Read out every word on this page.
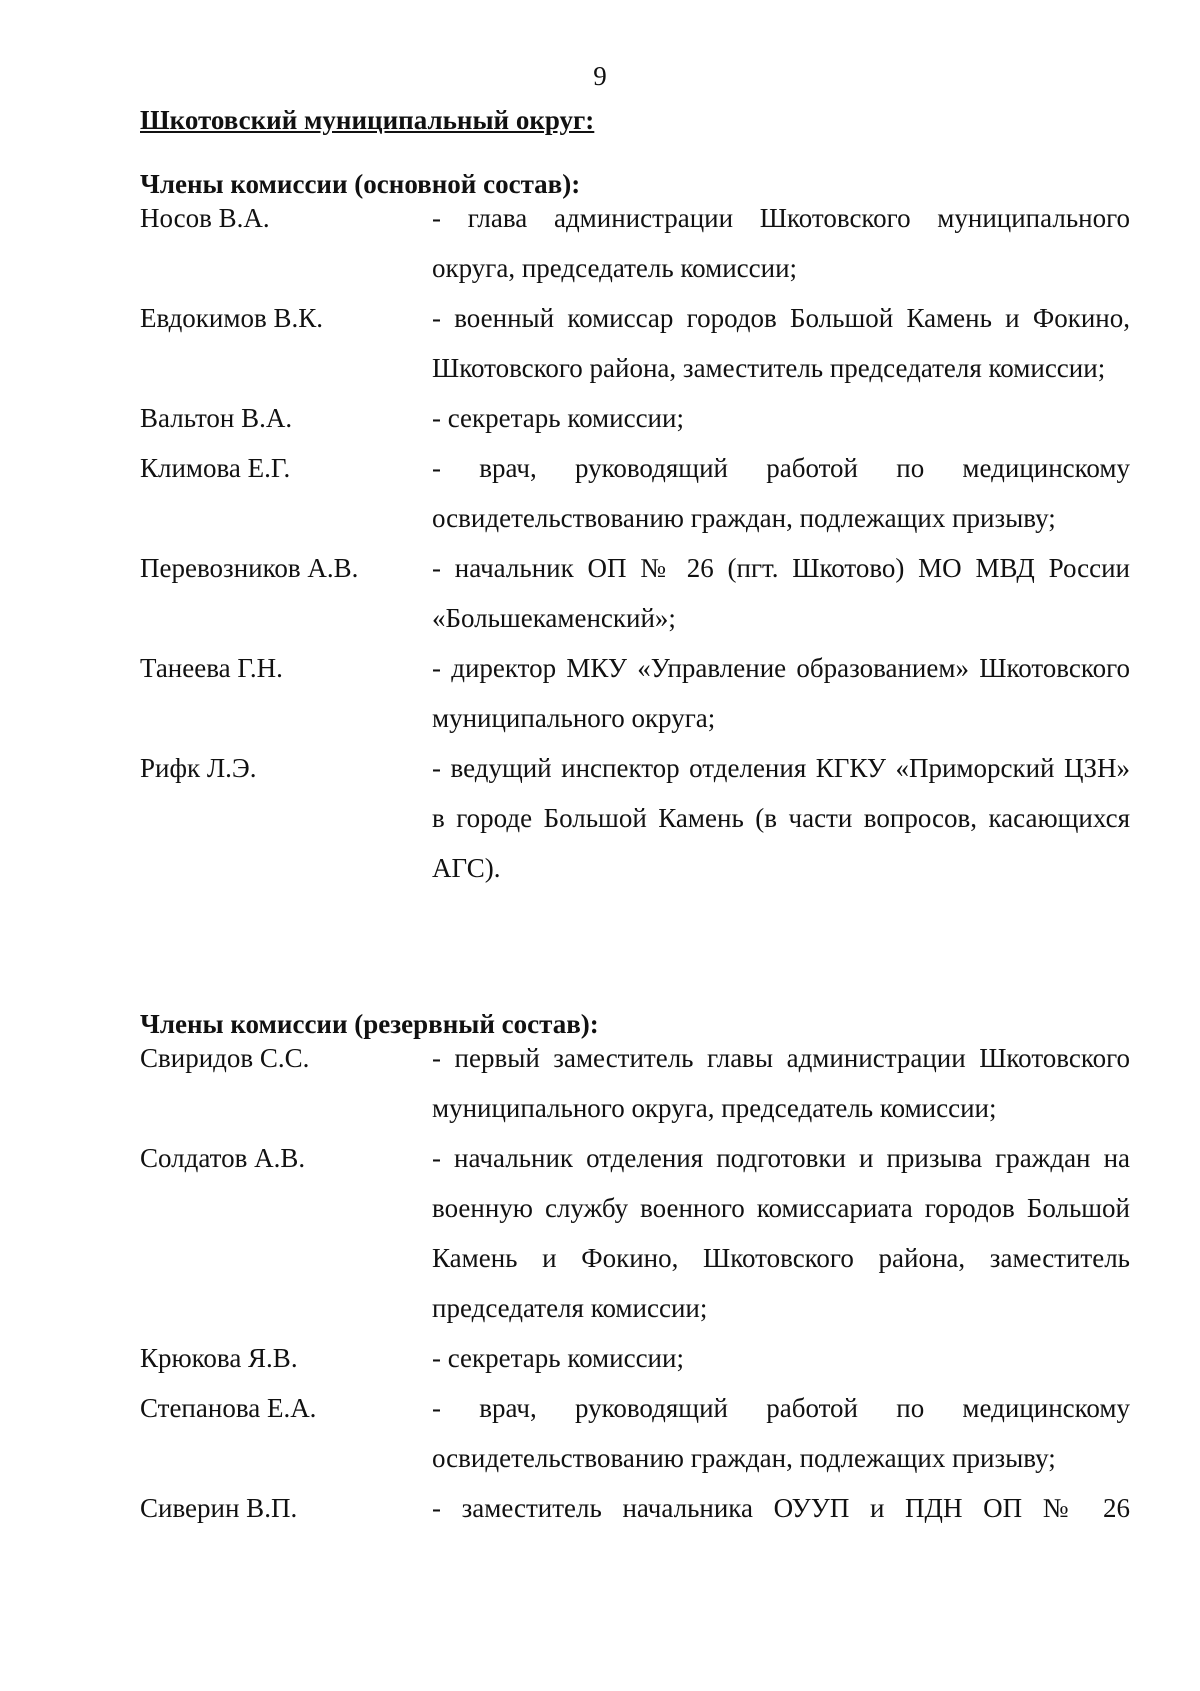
9
Шкотовский муниципальный округ:
Члены комиссии (основной состав):
Носов В.А.	- глава администрации Шкотовского муниципального округа, председатель комиссии;
Евдокимов В.К.	- военный комиссар городов Большой Камень и Фокино, Шкотовского района, заместитель председателя комиссии;
Вальтон В.А.	- секретарь комиссии;
Климова Е.Г.	- врач, руководящий работой по медицинскому освидетельствованию граждан, подлежащих призыву;
Перевозников А.В.	- начальник ОП № 26 (пгт. Шкотово) МО МВД России «Большекаменский»;
Танеева Г.Н.	- директор МКУ «Управление образованием» Шкотовского муниципального округа;
Рифк Л.Э.	- ведущий инспектор отделения КГКУ «Приморский ЦЗН» в городе Большой Камень (в части вопросов, касающихся АГС).
Члены комиссии (резервный состав):
Свиридов С.С.	- первый заместитель главы администрации Шкотовского муниципального округа, председатель комиссии;
Солдатов А.В.	- начальник отделения подготовки и призыва граждан на военную службу военного комиссариата городов Большой Камень и Фокино, Шкотовского района, заместитель председателя комиссии;
Крюкова Я.В.	- секретарь комиссии;
Степанова Е.А.	- врач, руководящий работой по медицинскому освидетельствованию граждан, подлежащих призыву;
Сиверин В.П.	- заместитель начальника ОУУП и ПДН ОП № 26
